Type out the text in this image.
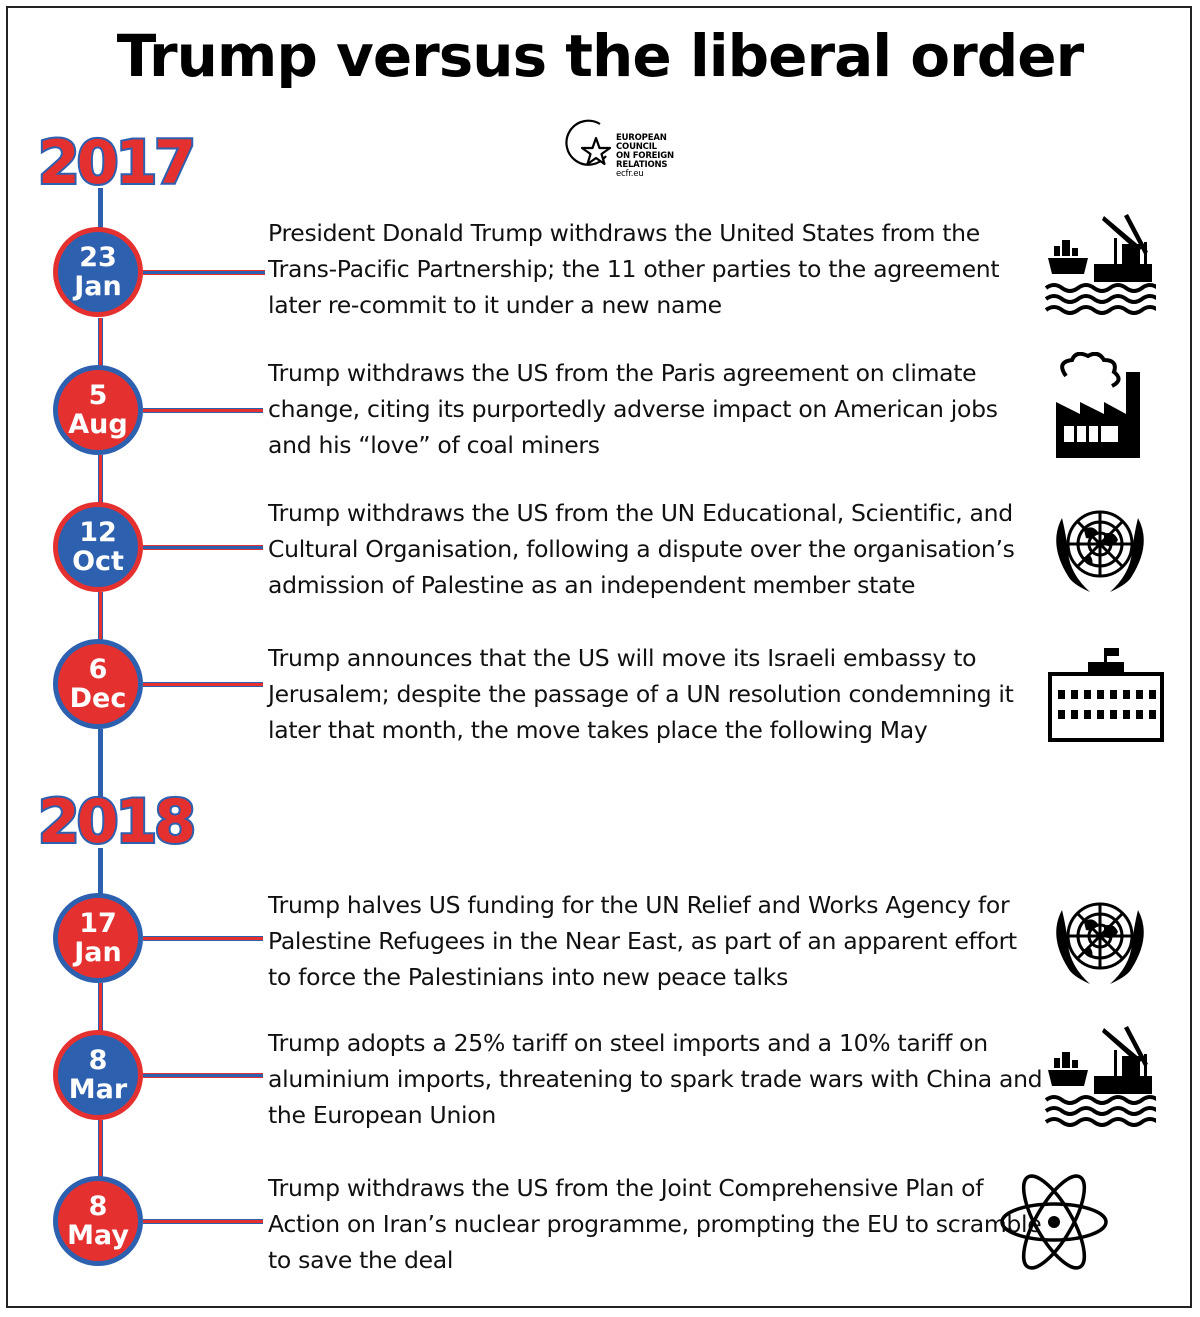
Trump versus the liberal order
EUROPEAN
COUNCIL
ON FOREIGN
RELATIONS
ecfr.eu
2017
2018
23
Jan
President Donald Trump withdraws the United States from the Trans-Pacific Partnership; the 11 other parties to the agreement later re-commit to it under a new name
5
Aug
Trump withdraws the US from the Paris agreement on climate change, citing its purportedly adverse impact on American jobs and his “love” of coal miners
12
Oct
Trump withdraws the US from the UN Educational, Scientific, and Cultural Organisation, following a dispute over the organisation’s admission of Palestine as an independent member state
6
Dec
Trump announces that the US will move its Israeli embassy to Jerusalem; despite the passage of a UN resolution condemning it later that month, the move takes place the following May
17
Jan
Trump halves US funding for the UN Relief and Works Agency for Palestine Refugees in the Near East, as part of an apparent effort to force the Palestinians into new peace talks
8
Mar
Trump adopts a 25% tariff on steel imports and a 10% tariff on aluminium imports, threatening to spark trade wars with China and the European Union
8
May
Trump withdraws the US from the Joint Comprehensive Plan of Action on Iran’s nuclear programme, prompting the EU to scramble to save the deal
